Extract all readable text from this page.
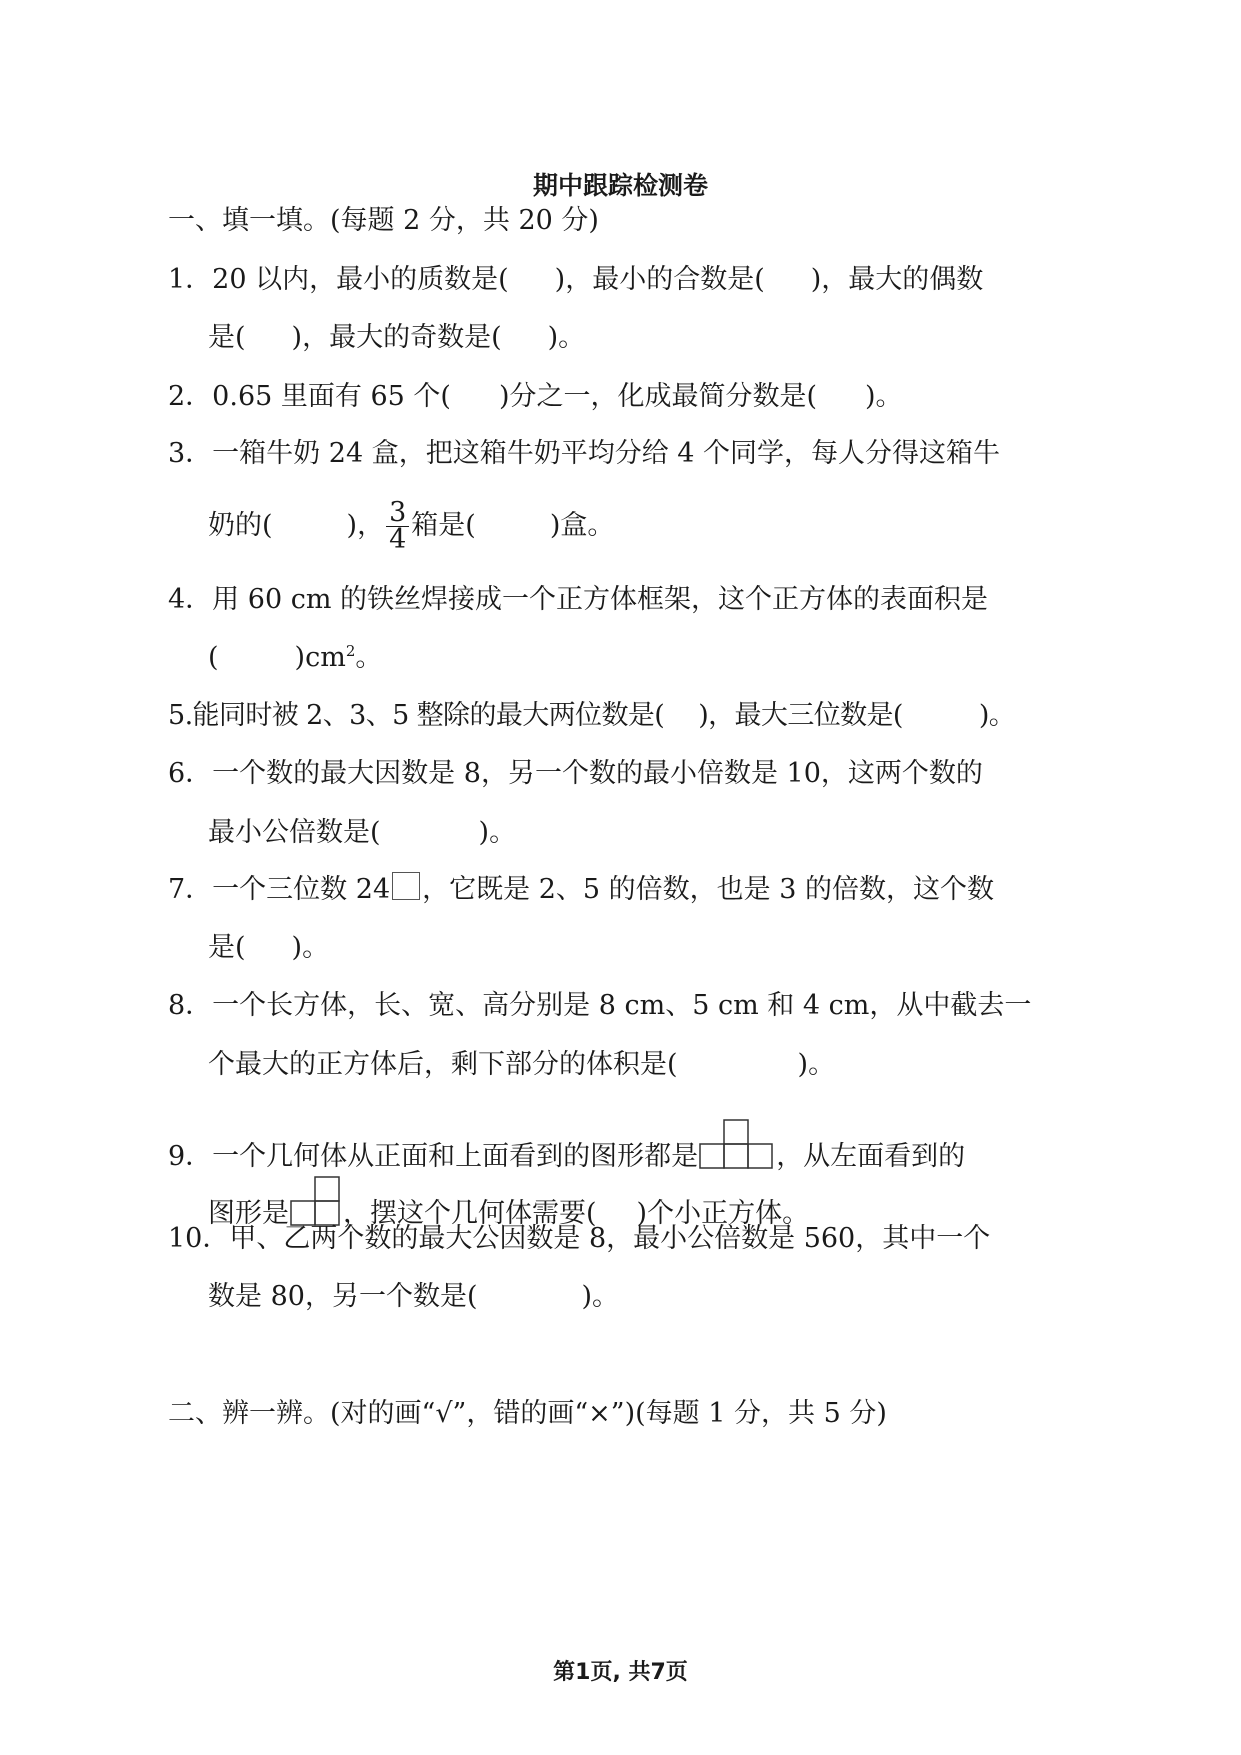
期中跟踪检测卷
一、填一填。(每题 2 分，共 20 分)
1．20 以内，最小的质数是( )，最小的合数是( )，最大的偶数
是( )，最大的奇数是( )。
2．0.65 里面有 65 个( )分之一，化成最简分数是( )。
3．一箱牛奶 24 盒，把这箱牛奶平均分给 4 个同学，每人分得这箱牛
奶的(	)， $\frac{3}{4}$ 箱是(	)盒。
4．用 60 cm 的铁丝焊接成一个正方体框架，这个正方体的表面积是
(	)$cm^2$。
5.能同时被 2、3、5 整除的最大两位数是( )，最大三位数是(	)。
6．一个数的最大因数是 8，另一个数的最小倍数是 10，这两个数的
最小公倍数是(	)。
7．一个三位数 24 ，它既是 2、5 的倍数，也是 3 的倍数，这个数
是( )。
8．一个长方体，长、宽、高分别是 8 cm、5 cm 和 4 cm，从中截去一
个最大的正方体后，剩下部分的体积是(	)。
9．一个几何体从正面和上面看到的图形都是	，从左面看到的
图形是 ，摆这个几何体需要( )个小正方体。
10．甲、乙两个数的最大公因数是 8，最小公倍数是 560，其中一个
数是 80，另一个数是(	)。
二、辨一辨。(对的画“√”，错的画“×”)(每题 1 分，共 5 分)
第1页, 共7页
